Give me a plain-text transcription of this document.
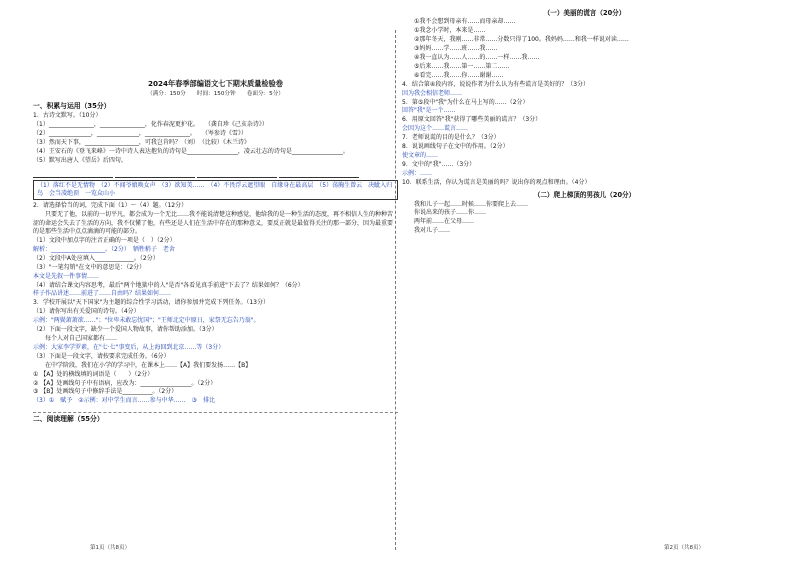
2024年春季部编语文七下期末质量检验卷
（满分：150分　　时间：150分钟　　卷面分：5分）
一、积累与运用（35分）
1．古诗文默写。（10分）
（1）_______________，_______________，化作春泥更护花。　　（龚自珍《己亥杂诗》）
（2）______________，______________，_______________。　　（岑参诗《雪》）
（3）然而天下事，__________________，可我岂肯吗？（刘）　（比较）《木兰诗》
（4）王安石的《登飞来峰》一诗中诗人表达抱负的诗句是_________________，凌云壮志的诗句是_________________。
（5）默写出唐人《望岳》后四句。

（1）落红不是无情物　（2）不闻爷娘唤女声　（3）欲知美……　（4）不畏浮云遮望眼　自缘身在最高层　（5）荡胸生曾云　决眦入归鸟　会当凌绝顶　一览众山小
2．请选择恰当的词，完成下面（1）～（4）题。（12分）
只要无了他，以前的一切平凡，都会成为一个无比……我不能说清楚这种感觉，他给我的是一种生活的态度，再不相信人生的种种苦涩的命运会失去了生活的方向，我不仅懂了他，有些还是人们在生活中存在的那种意义，要反正就是最值得关注的那一部分，因为最重要的是那些生活中点点滴滴的可能的部分。
（1）文段中加点字的注音正确的一项是（　）（2分）
解析：__________________。（2分）　牺牲稍子　老舍
（2）文段中A处应填入_____________。（2分）
（3）"一笔勾销"在文中的意思是：（2分）
本文是先叙一件事情……
（4）请结合课文内容思考，最后"两个地狱中的人"是否"各看见真手前进"下去了？结果如何？（6分）
样子作品讲述……前进了……自由吗？结果如何……
3．学校开展以"天下国家"为主题的综合性学习活动，请你参加并完成下列任务。（13分）
（1）请你写出有关爱国的诗句。（4分）
示例："两鬓萧萧欲……"；"位卑未敢忘忧国"；"王师北定中原日，家祭无忘告乃翁"。
（2）下面一段文字，缺少一个爱国人物故事，请你帮助添加。（3分）
每个人对自己国家都有……
示例：大家李学罗素，在"七·七"事变后，从上海回到北京……等（3分）
（3）下面是一段文字，请按要求完成任务。（6分）
在中学阶段，我们在小学的学习中，在课本上……【A】我们要发扬……【B】
① 【A】处的横线填的词语是（　　）（2分）
② 【A】处画线句子中有语病，应改为：_________________。（2分）
③ 【B】处画线句子中修辞手法是__________。（2分）
（3）①　赋予　②示例：对中学生而言……参与中华……　③　排比
二、阅读理解（55分）
（一）美丽的谎言（20分）
①我不会想到母亲有……而母亲却……
①我念小学时，本来是……
②那年冬天，我刚……非常……分数只得了100。我妈妈……和我一样说对读……
③妈妈……学……班……我……
④我一直认为……人……的……一样……我……
⑤后来……我……第一……第二……
⑥看完……我……你……谢谢……
4．结合第④段内容，说说作者为什么认为有些谎言是美好的？（3分）
因为我会相信老师……
5．第⑤段中"我"为什么在马上写的……（2分）
回答"我"是一个……
6．用原文回答"我"获得了哪些美丽的谎言？（3分）
会因为这个……谎言……
7．老师说谎的目的是什么？（3分）
8．说说画线句子在文中的作用。（2分）
使文章的……
9．文中的"我"……（3分）
示例：……
10．联系生活，你认为谎言是美丽的吗？说出你的观点和理由。（4分）
（二）爬上梯顶的男孩儿（20分）
我和儿子一起……时候……你要爬上去……
你说出来的孩子……你……
两年前……在父母……
我对儿子……
第1页（共8页）	第2页（共8页）
